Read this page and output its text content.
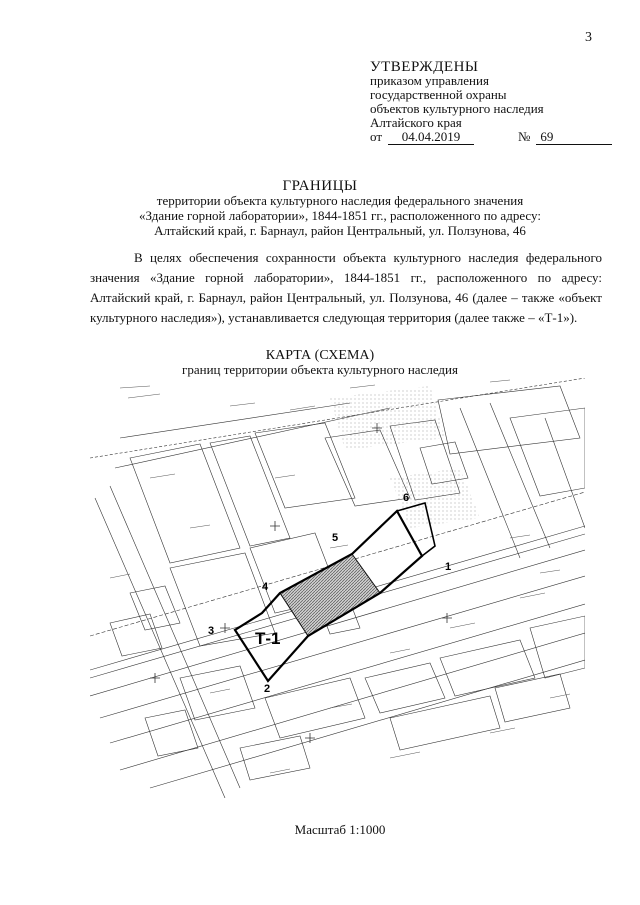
3
УТВЕРЖДЕНЫ
приказом управления
государственной охраны
объектов культурного наследия
Алтайского края
от	04.04.2019	№ 69
ГРАНИЦЫ
территории объекта культурного наследия федерального значения
«Здание горной лаборатории», 1844-1851 гг., расположенного по адресу:
Алтайский край, г. Барнаул, район Центральный, ул. Ползунова, 46
В целях обеспечения сохранности объекта культурного наследия федерального значения «Здание горной лаборатории», 1844-1851 гг., расположенного по адресу: Алтайский край, г. Барнаул, район Центральный, ул. Ползунова, 46 (далее – также «объект культурного наследия»), устанавливается следующая территория (далее также – «Т-1»).
КАРТА (СХЕМА)
границ территории объекта культурного наследия
1
2
3
4
5
6
Т-1
Масштаб 1:1000
